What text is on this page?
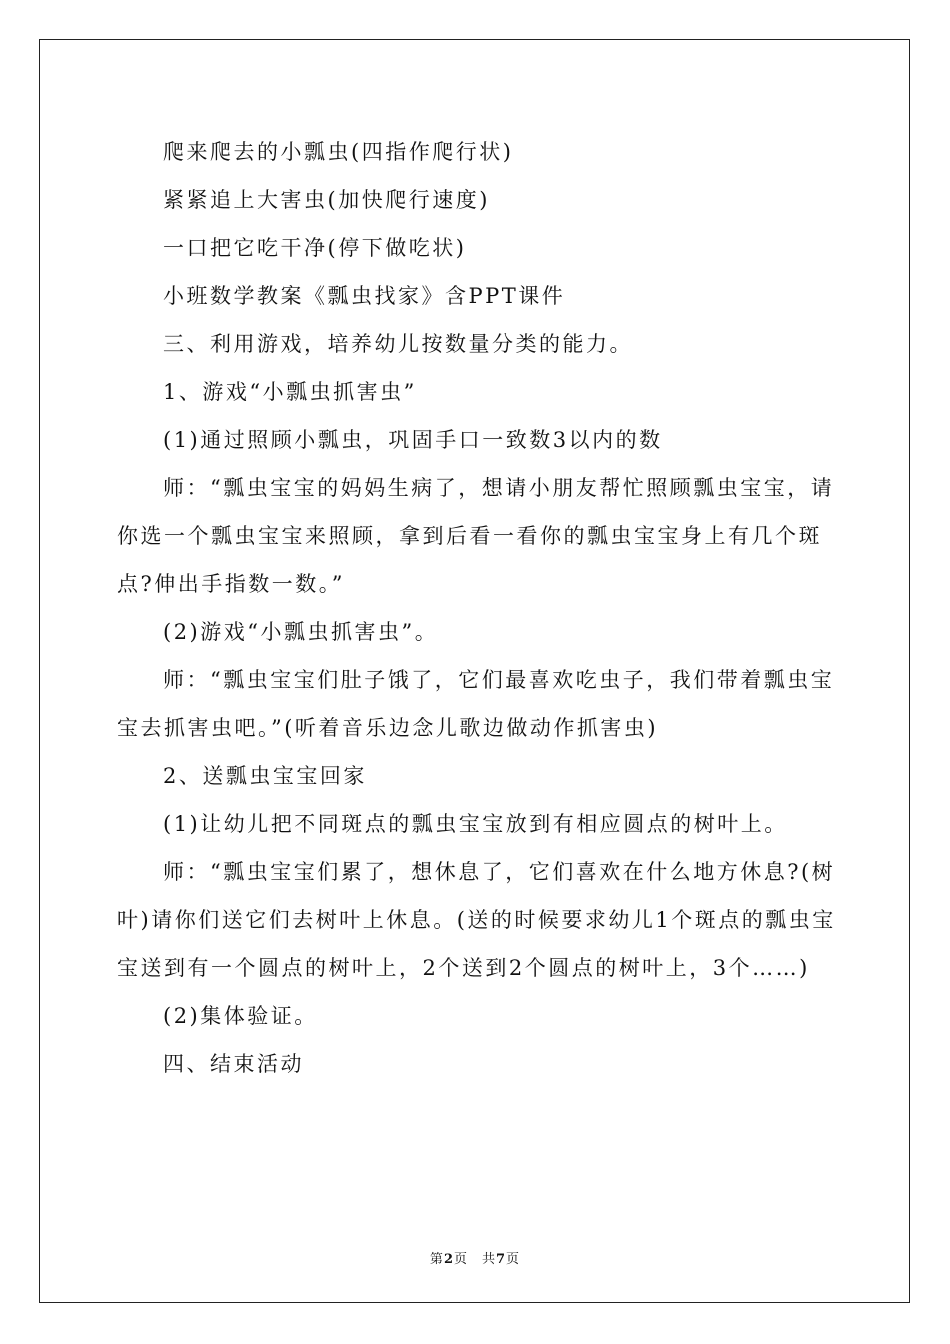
爬来爬去的小瓢虫(四指作爬行状)

紧紧追上大害虫(加快爬行速度)

一口把它吃干净(停下做吃状)

小班数学教案《瓢虫找家》含PPT课件

三、利用游戏，培养幼儿按数量分类的能力。

1、游戏“小瓢虫抓害虫”

(1)通过照顾小瓢虫，巩固手口一致数3以内的数

师：“瓢虫宝宝的妈妈生病了，想请小朋友帮忙照顾瓢虫宝宝，请你选一个瓢虫宝宝来照顾，拿到后看一看你的瓢虫宝宝身上有几个斑点?伸出手指数一数。”

(2)游戏“小瓢虫抓害虫”。

师：“瓢虫宝宝们肚子饿了，它们最喜欢吃虫子，我们带着瓢虫宝宝去抓害虫吧。”(听着音乐边念儿歌边做动作抓害虫)

2、送瓢虫宝宝回家

(1)让幼儿把不同斑点的瓢虫宝宝放到有相应圆点的树叶上。

师：“瓢虫宝宝们累了，想休息了，它们喜欢在什么地方休息?(树叶)请你们送它们去树叶上休息。(送的时候要求幼儿1个斑点的瓢虫宝宝送到有一个圆点的树叶上，2个送到2个圆点的树叶上，3个……)

(2)集体验证。

四、结束活动

第2页　共7页
